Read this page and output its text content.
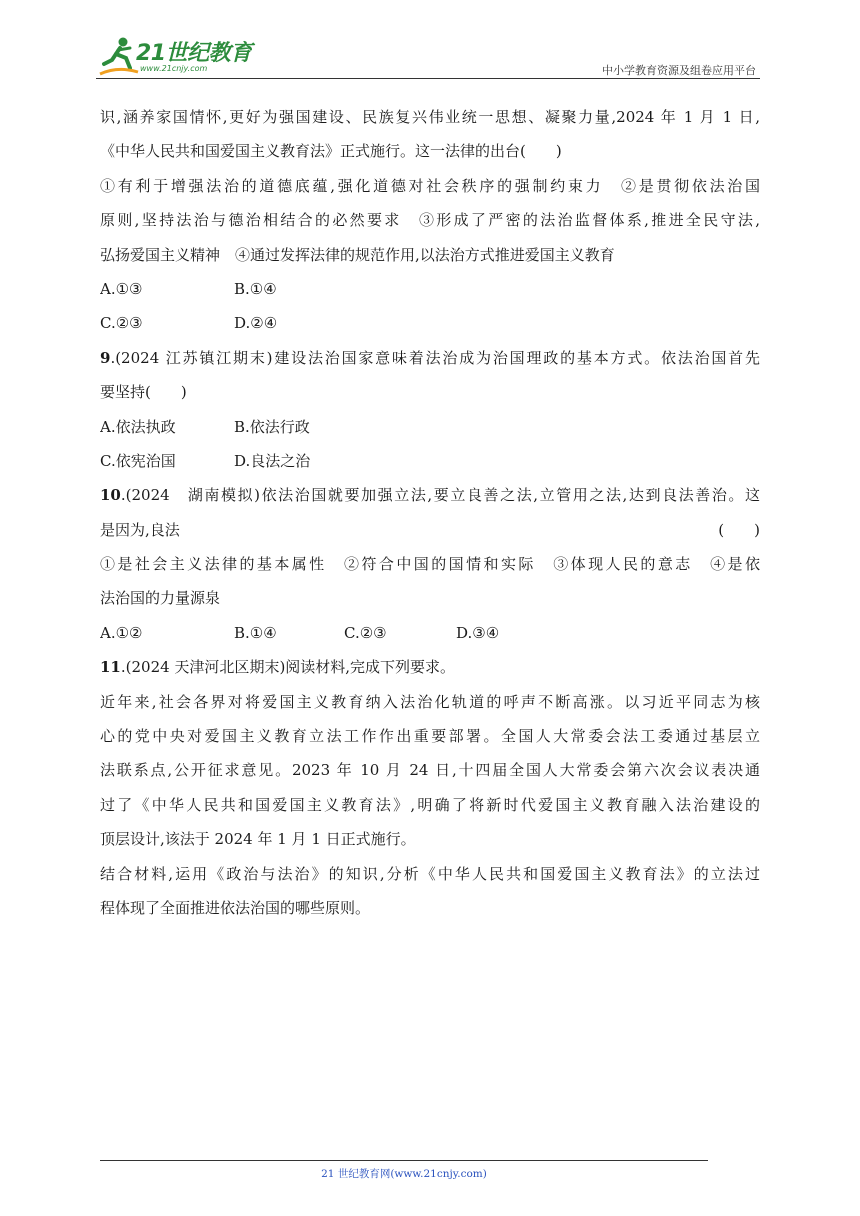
21世纪教育
www.21cnjy.com	中小学教育资源及组卷应用平台
识,涵养家国情怀,更好为强国建设、民族复兴伟业统一思想、凝聚力量,2024 年 1 月 1 日,
《中华人民共和国爱国主义教育法》正式施行。这一法律的出台(　　)
①有利于增强法治的道德底蕴,强化道德对社会秩序的强制约束力　②是贯彻依法治国
原则,坚持法治与德治相结合的必然要求　③形成了严密的法治监督体系,推进全民守法,
弘扬爱国主义精神　④通过发挥法律的规范作用,以法治方式推进爱国主义教育
A.①③	B.①④
C.②③	D.②④
9.(2024 江苏镇江期末)建设法治国家意味着法治成为治国理政的基本方式。依法治国首先
要坚持(　　)
A.依法执政	B.依法行政
C.依宪治国	D.良法之治
10.(2024　湖南模拟)依法治国就要加强立法,要立良善之法,立管用之法,达到良法善治。这
是因为,良法	(　　)
①是社会主义法律的基本属性　②符合中国的国情和实际　③体现人民的意志　④是依
法治国的力量源泉
A.①②	B.①④	C.②③	D.③④
11.(2024 天津河北区期末)阅读材料,完成下列要求。
近年来,社会各界对将爱国主义教育纳入法治化轨道的呼声不断高涨。以习近平同志为核
心的党中央对爱国主义教育立法工作作出重要部署。全国人大常委会法工委通过基层立
法联系点,公开征求意见。2023 年 10 月 24 日,十四届全国人大常委会第六次会议表决通
过了《中华人民共和国爱国主义教育法》,明确了将新时代爱国主义教育融入法治建设的
顶层设计,该法于 2024 年 1 月 1 日正式施行。
结合材料,运用《政治与法治》的知识,分析《中华人民共和国爱国主义教育法》的立法过
程体现了全面推进依法治国的哪些原则。
21 世纪教育网(www.21cnjy.com)
